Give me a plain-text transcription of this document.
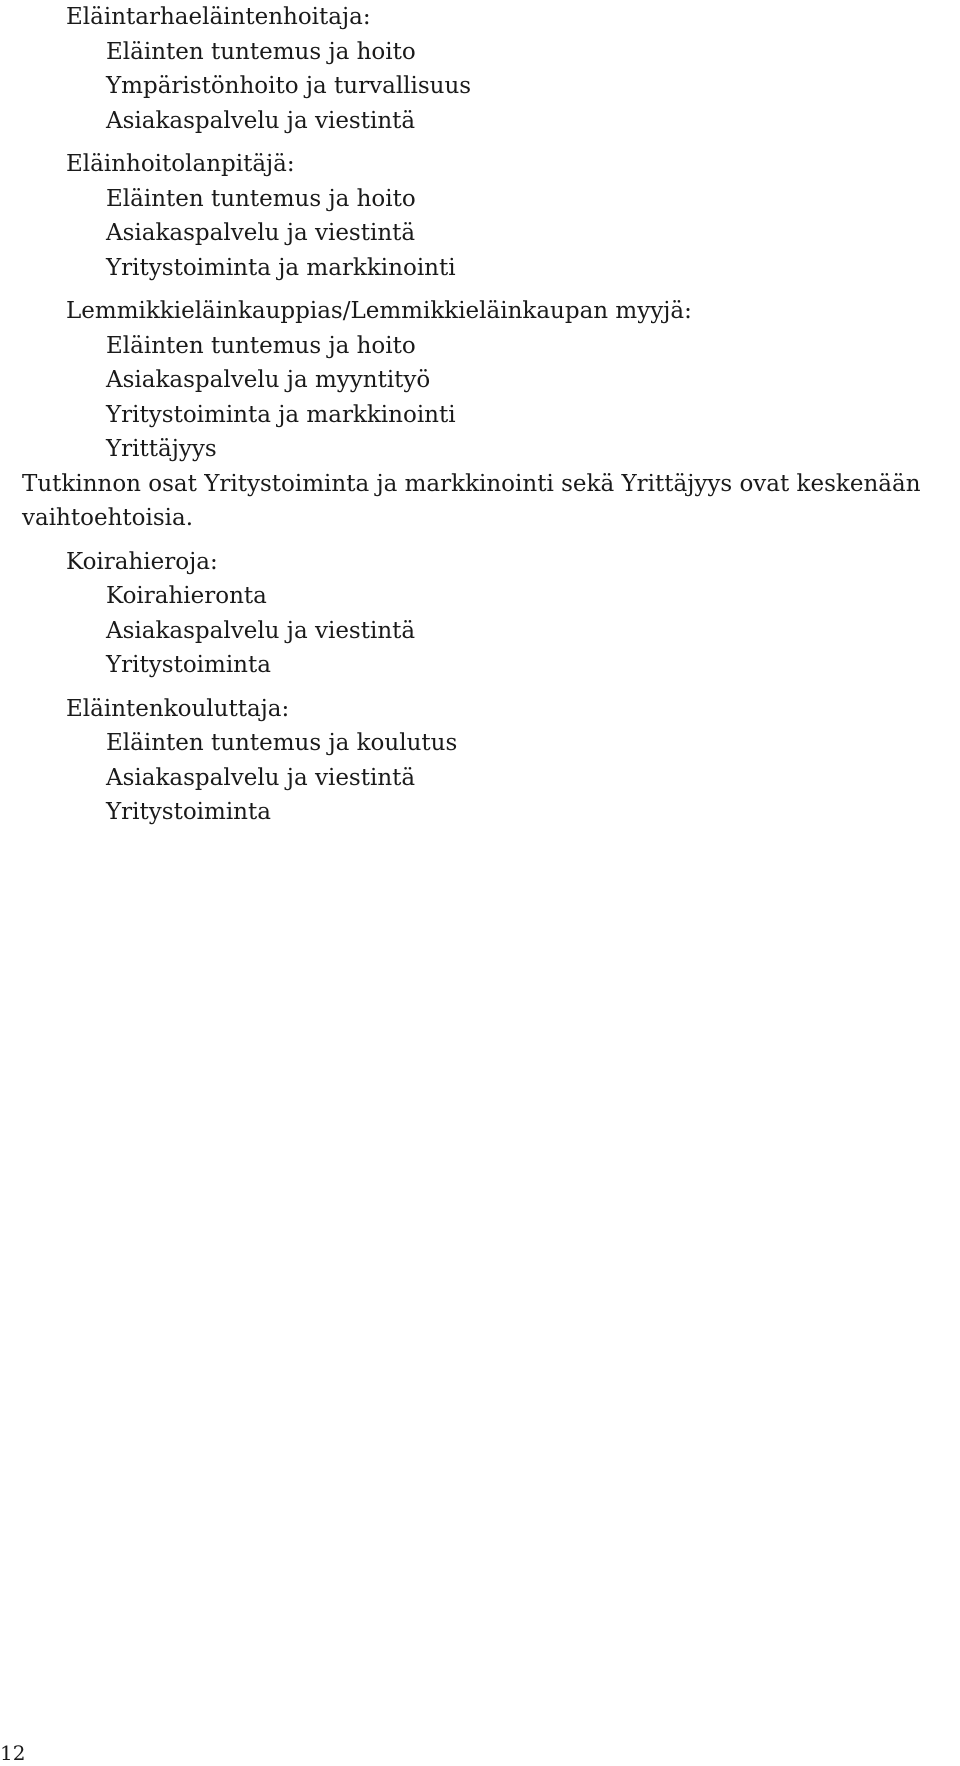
Eläintarhaeläintenhoitaja:
Eläinten tuntemus ja hoito
Ympäristönhoito ja turvallisuus
Asiakaspalvelu ja viestintä
Eläinhoitolanpitäjä:
Eläinten tuntemus ja hoito
Asiakaspalvelu ja viestintä
Yritystoiminta ja markkinointi
Lemmikkieläinkauppias/Lemmikkieläinkaupan myyjä:
Eläinten tuntemus ja hoito
Asiakaspalvelu ja myyntityö
Yritystoiminta ja markkinointi
Yrittäjyys
Tutkinnon osat Yritystoiminta ja markkinointi sekä Yrittäjyys ovat keskenään vaihtoehtoisia.
Koirahieroja:
Koirahieronta
Asiakaspalvelu ja viestintä
Yritystoiminta
Eläintenkouluttaja:
Eläinten tuntemus ja koulutus
Asiakaspalvelu ja viestintä
Yritystoiminta
12
